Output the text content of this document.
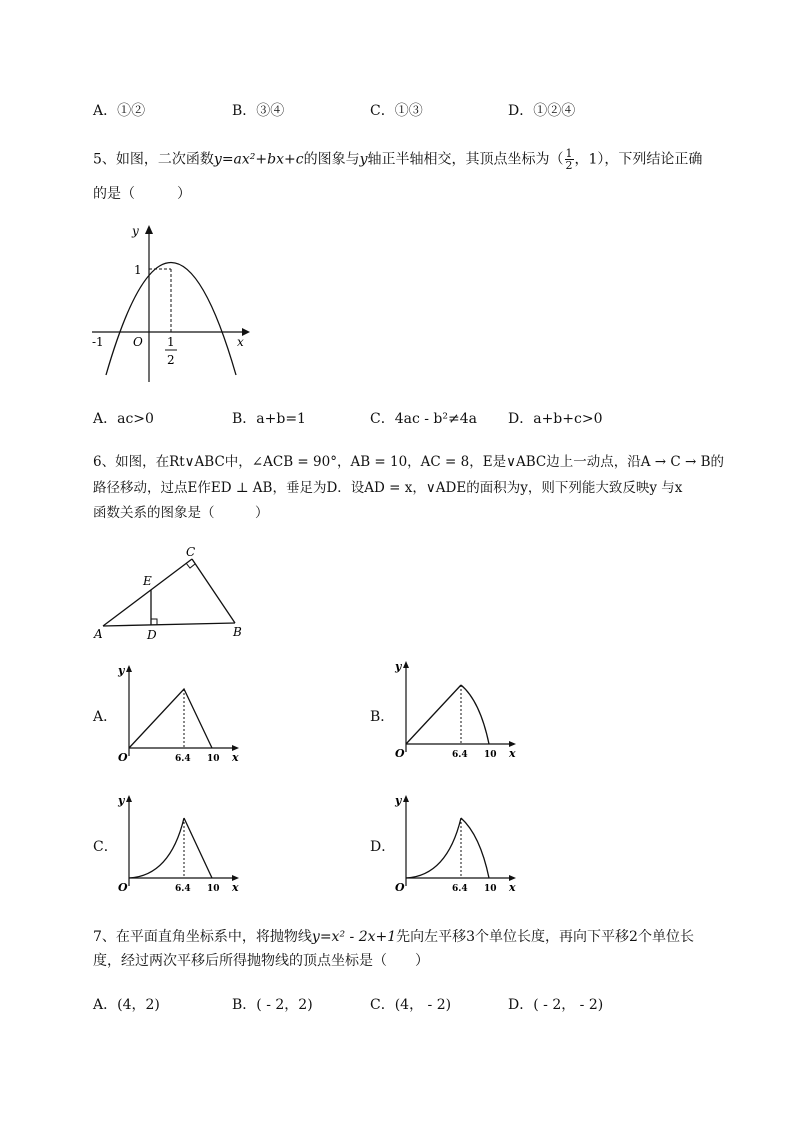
A．①②	B．③④	C．①③	D．①②④
5、如图，二次函数y=ax²+bx+c的图象与y轴正半轴相交，其顶点坐标为（ $\frac{1}{2}$ ，1），下列结论正确
的是（　　　）
y
x
1
-1 O 1
2
A．ac>0	B．a+b=1	C．4ac - b²≠4a D．a+b+c>0
6、如图，在Rt∨ABC中，∠ACB = 90°，AB = 10，AC = 8，E是∨ABC边上一动点，沿A → C → B的
路径移动，过点E作ED ⊥ AB，垂足为D．设AD = x，∨ADE的面积为y，则下列能大致反映y 与x
函数关系的图象是（　　　）
A	B
C
D
E
A．	B．
C．	D．
y
x
O	6.4 10
y
x
O	6.4 10
y
x
O	6.4 10
y
x
O	6.4 10
7、在平面直角坐标系中，将抛物线y=x² - 2x+1先向左平移3个单位长度，再向下平移2个单位长
度，经过两次平移后所得抛物线的顶点坐标是（　　）
A．(4，2)	B．( - 2，2)	C．(4， - 2)	D．( - 2， - 2)
